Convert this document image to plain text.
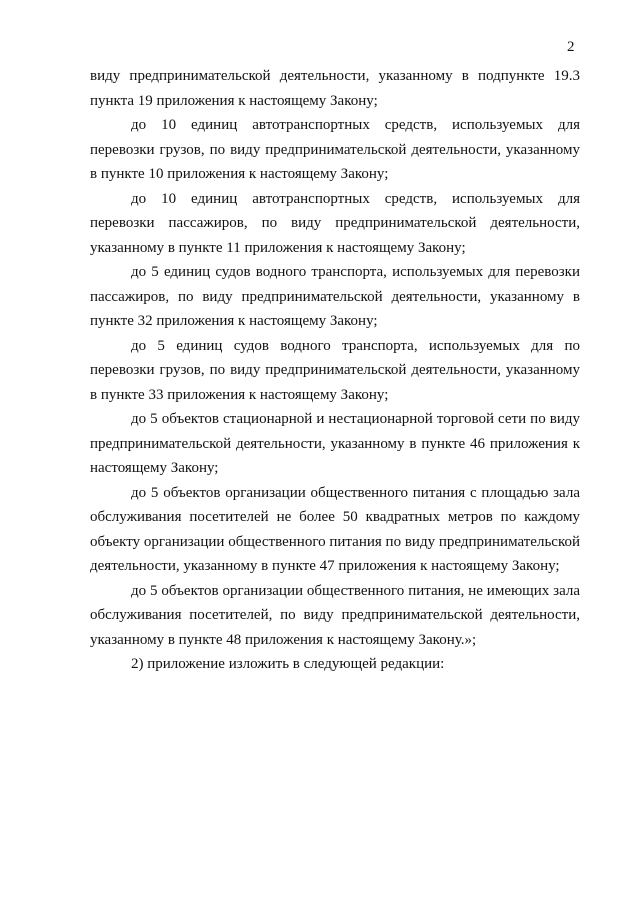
2

виду предпринимательской деятельности, указанному в подпункте 19.3 пункта 19 приложения к настоящему Закону;

до 10 единиц автотранспортных средств, используемых для перевозки грузов, по виду предпринимательской деятельности, указанному в пункте 10 приложения к настоящему Закону;

до 10 единиц автотранспортных средств, используемых для перевозки пассажиров, по виду предпринимательской деятельности, указанному в пункте 11 приложения к настоящему Закону;

до 5 единиц судов водного транспорта, используемых для перевозки пассажиров, по виду предпринимательской деятельности, указанному в пункте 32 приложения к настоящему Закону;

до 5 единиц судов водного транспорта, используемых для по перевозки грузов, по виду предпринимательской деятельности, указанному в пункте 33 приложения к настоящему Закону;

до 5 объектов стационарной и нестационарной торговой сети по виду предпринимательской деятельности, указанному в пункте 46 приложения к настоящему Закону;

до 5 объектов организации общественного питания с площадью зала обслуживания посетителей не более 50 квадратных метров по каждому объекту организации общественного питания по виду предпринимательской деятельности, указанному в пункте 47 приложения к настоящему Закону;

до 5 объектов организации общественного питания, не имеющих зала обслуживания посетителей, по виду предпринимательской деятельности, указанному в пункте 48 приложения к настоящему Закону.»;

2) приложение изложить в следующей редакции:
